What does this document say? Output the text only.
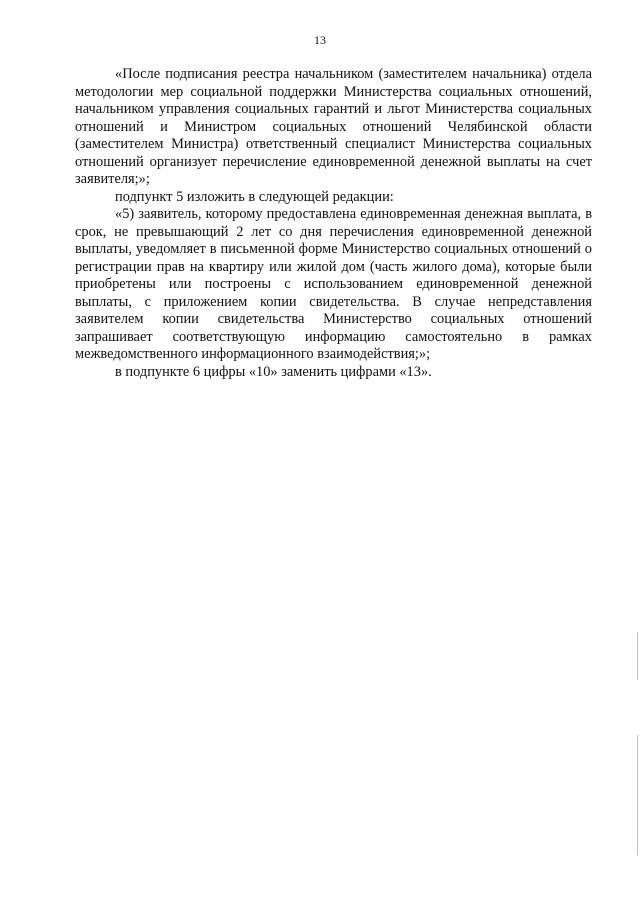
13

«После подписания реестра начальником (заместителем начальника) отдела методологии мер социальной поддержки Министерства социальных отношений, начальником управления социальных гарантий и льгот Министерства социальных отношений и Министром социальных отношений Челябинской области (заместителем Министра) ответственный специалист Министерства социальных отношений организует перечисление единовременной денежной выплаты на счет заявителя;»;

подпункт 5 изложить в следующей редакции:

«5) заявитель, которому предоставлена единовременная денежная выплата, в срок, не превышающий 2 лет со дня перечисления единовременной денежной выплаты, уведомляет в письменной форме Министерство социальных отношений о регистрации прав на квартиру или жилой дом (часть жилого дома), которые были приобретены или построены с использованием единовременной денежной выплаты, с приложением копии свидетельства. В случае непредставления заявителем копии свидетельства Министерство социальных отношений запрашивает соответствующую информацию самостоятельно в рамках межведомственного информационного взаимодействия;»;

в подпункте 6 цифры «10» заменить цифрами «13».
